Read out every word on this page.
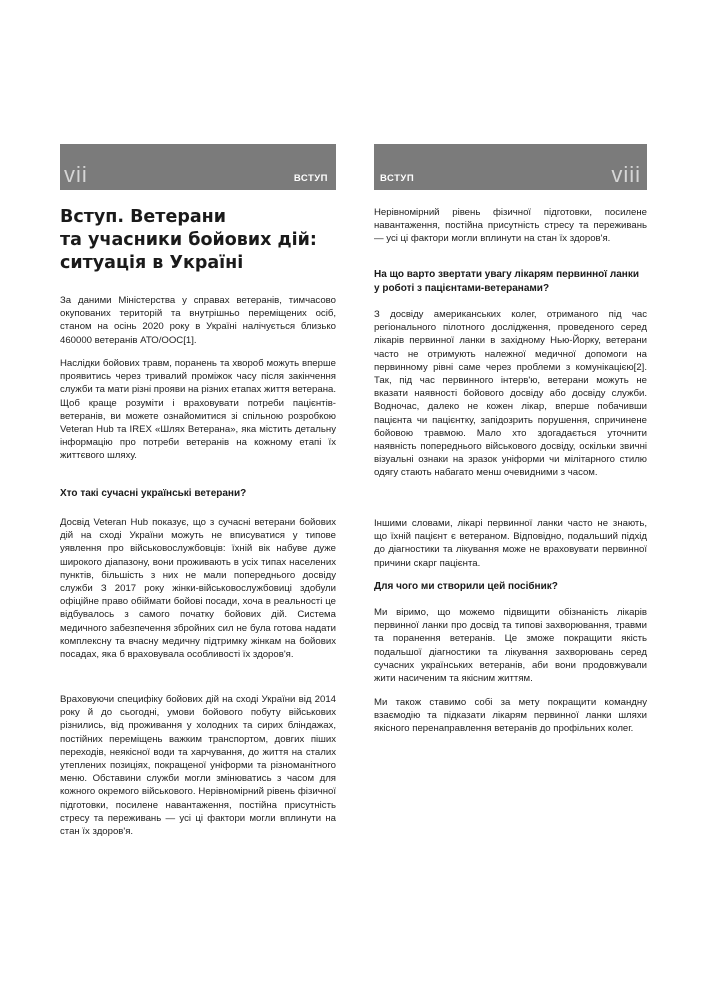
vii	ВСТУП	ВСТУП	viii
Вступ. Ветерани
та учасники бойових дій:
ситуація в Україні

За даними Міністерства у справах ветеранів, тимчасово окупованих територій та внутрішньо переміщених осіб, станом на осінь 2020 року в Україні налічується близько 460000 ветеранів АТО/ООС[1].

Наслідки бойових травм, поранень та хвороб можуть вперше проявитись через тривалий проміжок часу після закінчення служби та мати різні прояви на різних етапах життя ветерана. Щоб краще розуміти і враховувати потреби пацієнтів-ветеранів, ви можете ознайомитися зі спільною розробкою Veteran Hub та IREX «Шлях Ветерана», яка містить детальну інформацію про потреби ветеранів на кожному етапі їх життєвого шляху.

Хто такі сучасні українські ветерани?

Досвід Veteran Hub показує, що з сучасні ветерани бойових дій на сході України можуть не вписуватися у типове уявлення про військовослужбовців: їхній вік набуве дуже широкого діапазону, вони проживають в усіх типах населених пунктів, більшість з них не мали попереднього досвіду служби З 2017 року жінки-військовослужбовиці здобули офіційне право обіймати бойові посади, хоча в реальності це відбувалось з самого початку бойових дій. Система медичного забезпечення збройних сил не була готова надати комплексну та вчасну медичну підтримку жінкам на бойових посадах, яка б враховувала особливості їх здоров'я.

Враховуючи специфіку бойових дій на сході України від 2014 року й до сьогодні, умови бойового побуту військових різнились, від проживання у холодних та сирих бліндажах, постійних переміщень важким транспортом, довгих піших переходів, неякісної води та харчування, до життя на сталих утеплених позиціях, покращеної уніформи та різноманітного меню. Обставини служби могли змінюватись з часом для кожного окремого військового. Нерівномірний рівень фізичної підготовки, посилене навантаження, постійна присутність стресу та переживань — усі ці фактори могли вплинути на стан їх здоров'я.

Нерівномірний рівень фізичної підготовки, посилене навантаження, постійна присутність стресу та переживань — усі ці фактори могли вплинути на стан їх здоров'я.

На що варто звертати увагу лікарям первинної ланки у роботі з пацієнтами-ветеранами?

З досвіду американських колег, отриманого під час регіонального пілотного дослідження, проведеного серед лікарів первинної ланки в західному Нью-Йорку, ветерани часто не отримують належної медичної допомоги на первинному рівні саме через проблеми з комунікацією[2]. Так, під час первинного інтерв'ю, ветерани можуть не вказати наявності бойового досвіду або досвіду служби. Водночас, далеко не кожен лікар, вперше побачивши пацієнта чи пацієнтку, запідозрить порушення, спричинене бойовою травмою. Мало хто здогадається уточнити наявність попереднього військового досвіду, оскільки звичні візуальні ознаки на зразок уніформи чи мілітарного стилю одягу стають набагато менш очевидними з часом.

Іншими словами, лікарі первинної ланки часто не знають, що їхній пацієнт є ветераном. Відповідно, подальший підхід до діагностики та лікування може не враховувати первинної причини скарг пацієнта.

Для чого ми створили цей посібник?

Ми віримо, що можемо підвищити обізнаність лікарів первинної ланки про досвід та типові захворювання, травми та поранення ветеранів. Це зможе покращити якість подальшої діагностики та лікування захворювань серед сучасних українських ветеранів, аби вони продовжували жити насиченим та якісним життям.

Ми також ставимо собі за мету покращити командну взаємодію та підказати лікарям первинної ланки шляхи якісного перенаправлення ветеранів до профільних колег.
